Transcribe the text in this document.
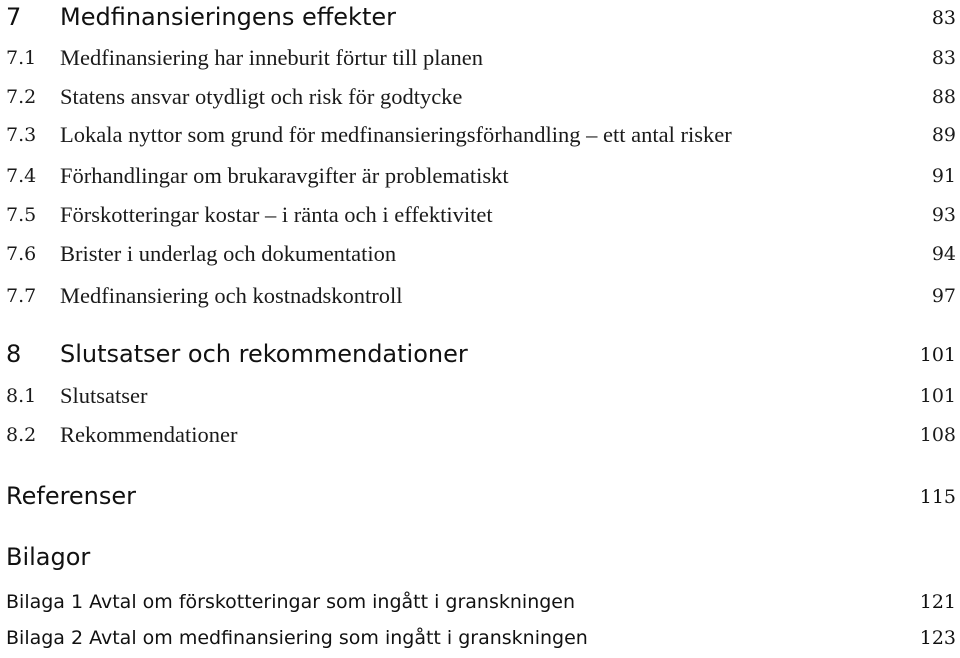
7 Medfinansieringens effekter	83
7.1 Medfinansiering har inneburit förtur till planen	83
7.2 Statens ansvar otydligt och risk för godtycke	88
7.3 Lokala nyttor som grund för medfinansieringsförhandling – ett antal risker	89
7.4 Förhandlingar om brukaravgifter är problematiskt	91
7.5 Förskotteringar kostar – i ränta och i effektivitet	93
7.6 Brister i underlag och dokumentation	94
7.7 Medfinansiering och kostnadskontroll	97
8 Slutsatser och rekommendationer	101
8.1 Slutsatser	101
8.2 Rekommendationer	108
Referenser	115
Bilagor
Bilaga 1 Avtal om förskotteringar som ingått i granskningen	121
Bilaga 2 Avtal om medfinansiering som ingått i granskningen	123
